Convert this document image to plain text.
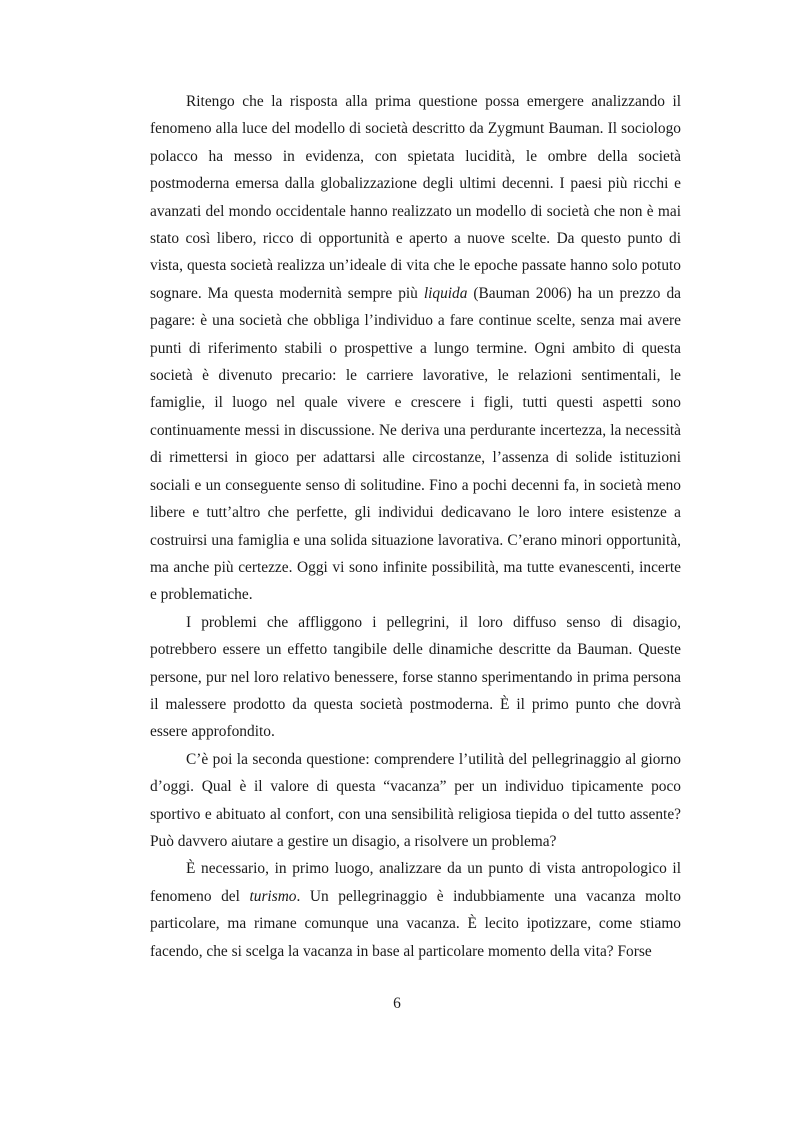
Ritengo che la risposta alla prima questione possa emergere analizzando il fenomeno alla luce del modello di società descritto da Zygmunt Bauman. Il sociologo polacco ha messo in evidenza, con spietata lucidità, le ombre della società postmoderna emersa dalla globalizzazione degli ultimi decenni. I paesi più ricchi e avanzati del mondo occidentale hanno realizzato un modello di società che non è mai stato così libero, ricco di opportunità e aperto a nuove scelte. Da questo punto di vista, questa società realizza un’ideale di vita che le epoche passate hanno solo potuto sognare. Ma questa modernità sempre più liquida (Bauman 2006) ha un prezzo da pagare: è una società che obbliga l’individuo a fare continue scelte, senza mai avere punti di riferimento stabili o prospettive a lungo termine. Ogni ambito di questa società è divenuto precario: le carriere lavorative, le relazioni sentimentali, le famiglie, il luogo nel quale vivere e crescere i figli, tutti questi aspetti sono continuamente messi in discussione. Ne deriva una perdurante incertezza, la necessità di rimettersi in gioco per adattarsi alle circostanze, l’assenza di solide istituzioni sociali e un conseguente senso di solitudine. Fino a pochi decenni fa, in società meno libere e tutt’altro che perfette, gli individui dedicavano le loro intere esistenze a costruirsi una famiglia e una solida situazione lavorativa. C’erano minori opportunità, ma anche più certezze. Oggi vi sono infinite possibilità, ma tutte evanescenti, incerte e problematiche.

I problemi che affliggono i pellegrini, il loro diffuso senso di disagio, potrebbero essere un effetto tangibile delle dinamiche descritte da Bauman. Queste persone, pur nel loro relativo benessere, forse stanno sperimentando in prima persona il malessere prodotto da questa società postmoderna. È il primo punto che dovrà essere approfondito.

C’è poi la seconda questione: comprendere l’utilità del pellegrinaggio al giorno d’oggi. Qual è il valore di questa “vacanza” per un individuo tipicamente poco sportivo e abituato al confort, con una sensibilità religiosa tiepida o del tutto assente? Può davvero aiutare a gestire un disagio, a risolvere un problema?

È necessario, in primo luogo, analizzare da un punto di vista antropologico il fenomeno del turismo. Un pellegrinaggio è indubbiamente una vacanza molto particolare, ma rimane comunque una vacanza. È lecito ipotizzare, come stiamo facendo, che si scelga la vacanza in base al particolare momento della vita? Forse

6
